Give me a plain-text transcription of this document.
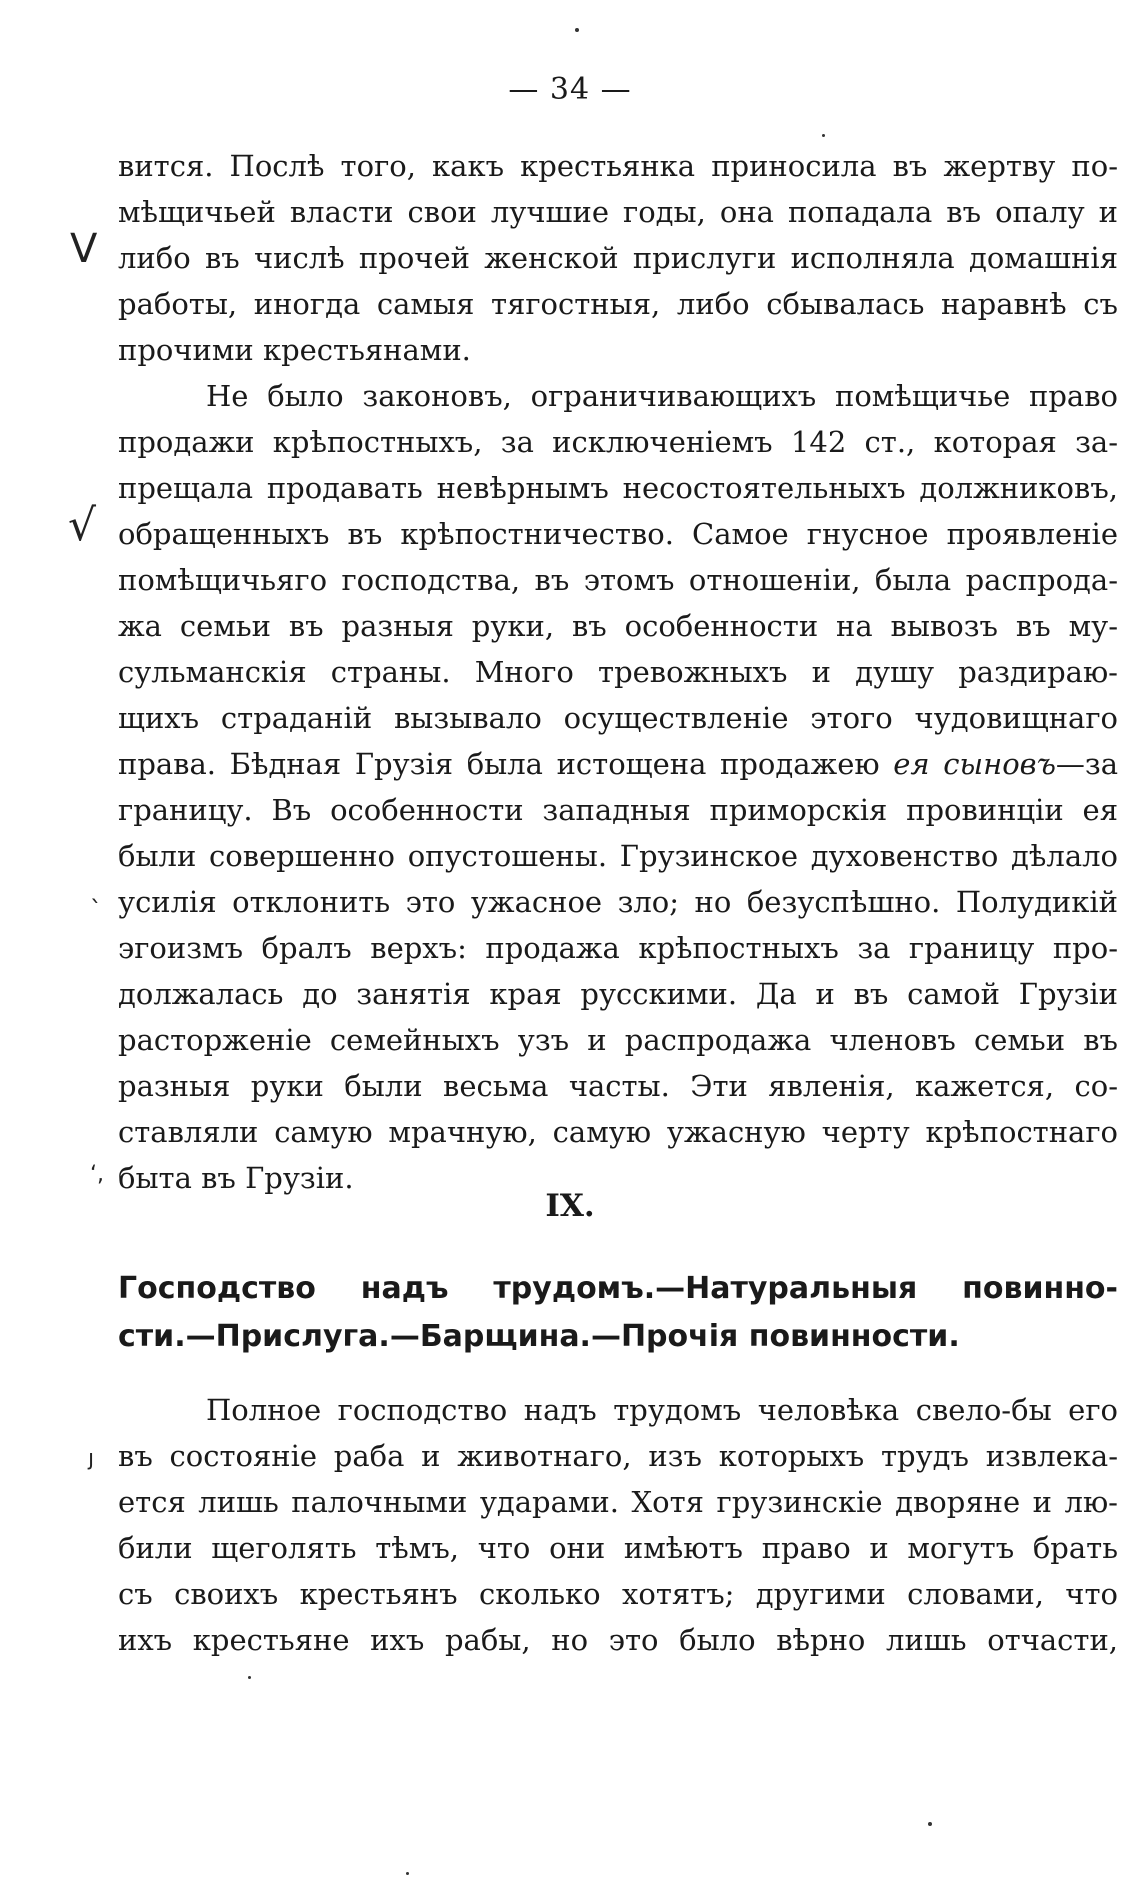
— 34 —
вится. Послѣ того, какъ крестьянка приносила въ жертву по-
мѣщичьей власти свои лучшие годы, она попадала въ опалу и
либо въ числѣ прочей женской прислуги исполняла домашнія
работы, иногда самыя тягостныя, либо сбывалась наравнѣ съ
прочими крестьянами.
Не было законовъ, ограничивающихъ помѣщичье право
продажи крѣпостныхъ, за исключеніемъ 142 ст., которая за-
прещала продавать невѣрнымъ несостоятельныхъ должниковъ,
обращенныхъ въ крѣпостничество. Самое гнусное проявленіе
помѣщичьяго господства, въ этомъ отношеніи, была распрода-
жа семьи въ разныя руки, въ особенности на вывозъ въ му-
сульманскія страны. Много тревожныхъ и душу раздираю-
щихъ страданій вызывало осуществленіе этого чудовищнаго
права. Бѣдная Грузія была истощена продажею ея сыновъ—за
границу. Въ особенности западныя приморскія провинціи ея
были совершенно опустошены. Грузинское духовенство дѣлало
усилія отклонить это ужасное зло; но безуспѣшно. Полудикій
эгоизмъ бралъ верхъ: продажа крѣпостныхъ за границу про-
должалась до занятія края русскими. Да и въ самой Грузіи
расторженіе семейныхъ узъ и распродажа членовъ семьи въ
разныя руки были весьма часты. Эти явленія, кажется, со-
ставляли самую мрачную, самую ужасную черту крѣпостнаго
быта въ Грузіи.
IX.
Господство надъ трудомъ.—Натуральныя повинно-
сти.—Прислуга.—Барщина.—Прочія повинности.
Полное господство надъ трудомъ человѣка свело-бы его
въ состояніе раба и животнаго, изъ которыхъ трудъ извлека-
ется лишь палочными ударами. Хотя грузинскіе дворяне и лю-
били щеголять тѣмъ, что они имѣютъ право и могутъ брать
съ своихъ крестьянъ сколько хотятъ; другими словами, что
ихъ крестьяне ихъ рабы, но это было вѣрно лишь отчасти,
V
√
ˋ
‘,
ȷ
